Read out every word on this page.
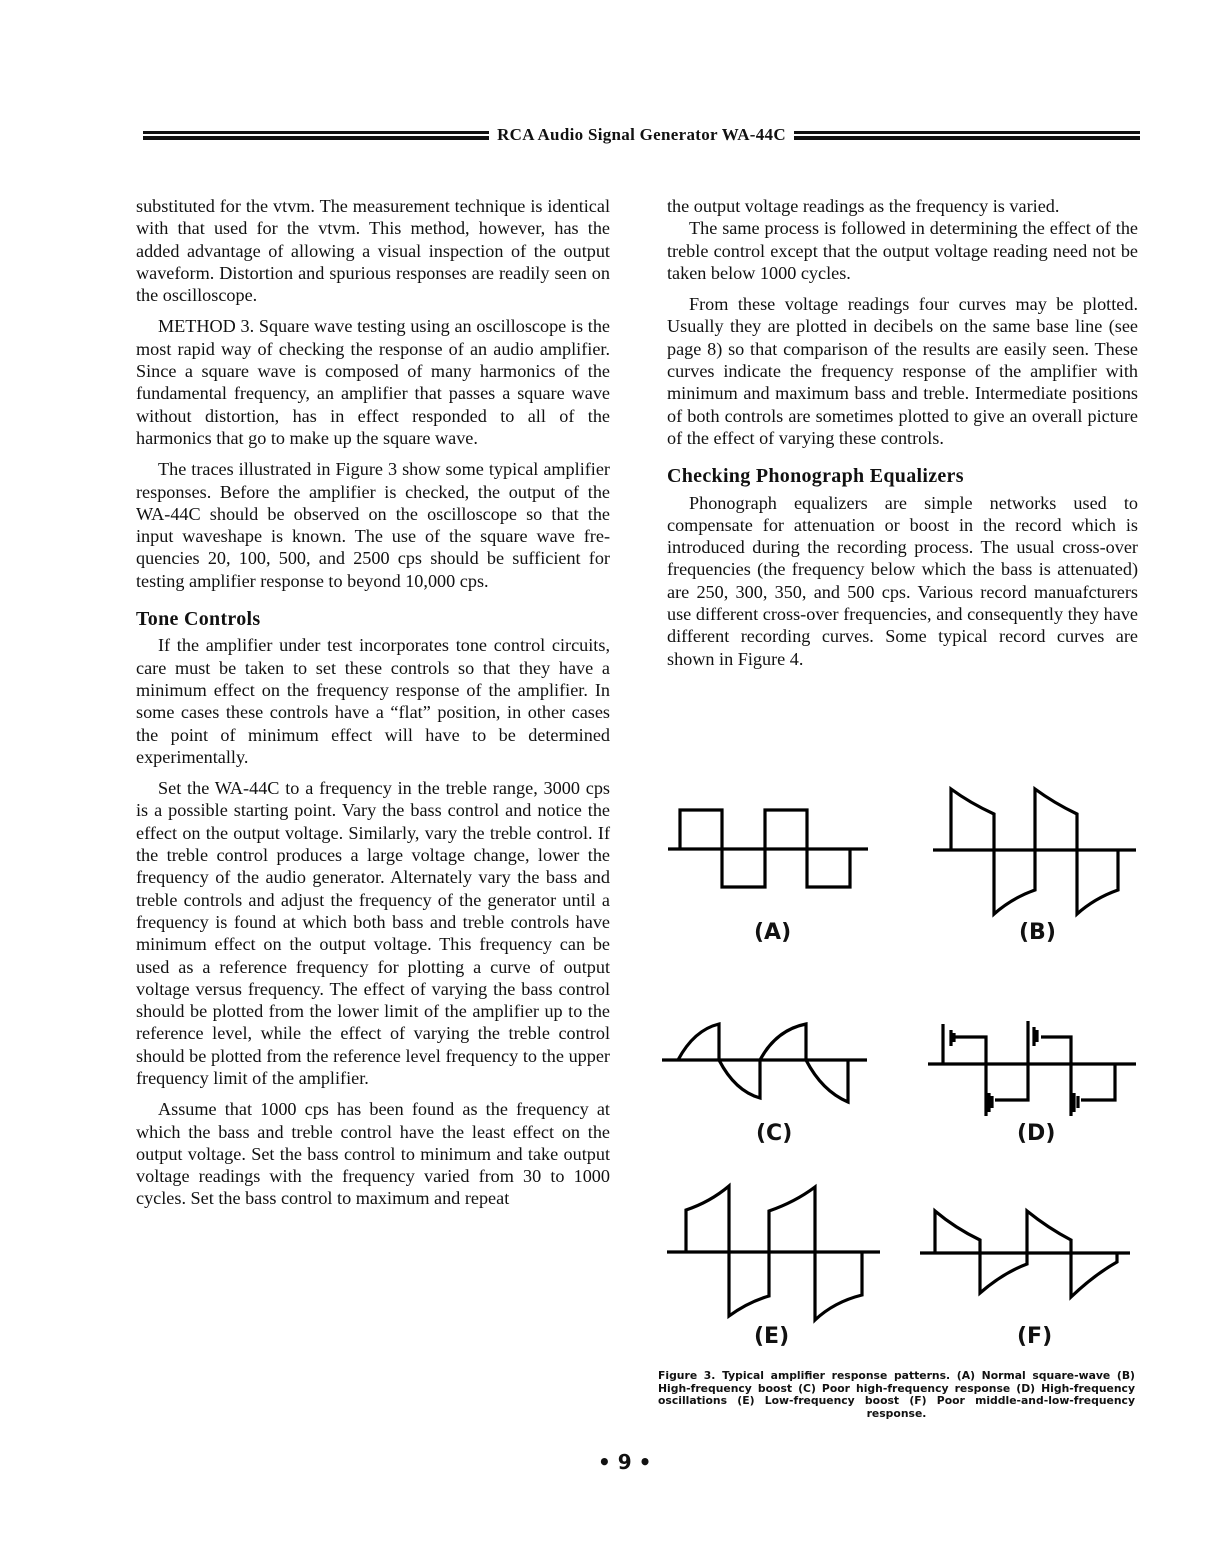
RCA Audio Signal Generator WA-44C

substituted for the vtvm. The measurement technique is identical with that used for the vtvm. This method, however, has the added advantage of allowing a visual inspection of the output waveform. Distortion and spurious responses are readily seen on the oscilloscope.

METHOD 3. Square wave testing using an oscilloscope is the most rapid way of checking the response of an audio amplifier. Since a square wave is composed of many harmonics of the fundamental frequency, an amplifier that passes a square wave without distortion, has in effect responded to all of the harmonics that go to make up the square wave.

The traces illustrated in Figure 3 show some typical amplifier responses. Before the amplifier is checked, the output of the WA-44C should be observed on the oscilloscope so that the input waveshape is known. The use of the square wave frequencies 20, 100, 500, and 2500 cps should be sufficient for testing amplifier response to beyond 10,000 cps.

Tone Controls

If the amplifier under test incorporates tone control circuits, care must be taken to set these controls so that they have a minimum effect on the frequency response of the amplifier. In some cases these controls have a “flat” position, in other cases the point of minimum effect will have to be determined experimentally.

Set the WA-44C to a frequency in the treble range, 3000 cps is a possible starting point. Vary the bass control and notice the effect on the output voltage. Similarly, vary the treble control. If the treble control produces a large voltage change, lower the frequency of the audio generator. Alternately vary the bass and treble controls and adjust the frequency of the generator until a frequency is found at which both bass and treble controls have minimum effect on the output voltage. This frequency can be used as a reference frequency for plotting a curve of output voltage versus frequency. The effect of varying the bass control should be plotted from the lower limit of the amplifier up to the reference level, while the effect of varying the treble control should be plotted from the reference level frequency to the upper frequency limit of the amplifier.

Assume that 1000 cps has been found as the frequency at which the bass and treble control have the least effect on the output voltage. Set the bass control to minimum and take output voltage readings with the frequency varied from 30 to 1000 cycles. Set the bass control to maximum and repeat

the output voltage readings as the frequency is varied.

The same process is followed in determining the effect of the treble control except that the output voltage reading need not be taken below 1000 cycles.

From these voltage readings four curves may be plotted. Usually they are plotted in decibels on the same base line (see page 8) so that comparison of the results are easily seen. These curves indicate the frequency response of the amplifier with minimum and maximum bass and treble. Intermediate positions of both controls are sometimes plotted to give an overall picture of the effect of varying these controls.

Checking Phonograph Equalizers

Phonograph equalizers are simple networks used to compensate for attenuation or boost in the record which is introduced during the recording process. The usual cross-over frequencies (the frequency below which the bass is attenuated) are 250, 300, 350, and 500 cps. Various record manuafcturers use different cross-over frequencies, and consequently they have different recording curves. Some typical record curves are shown in Figure 4.

(A)	(B)
(C)	(D)
(E)	(F)
Figure 3. Typical amplifier response patterns. (A) Normal square-wave (B) High-frequency boost (C) Poor high-frequency response (D) High-frequency oscillations (E) Low-frequency boost (F) Poor middle-and-low-frequency response.
• 9 •
